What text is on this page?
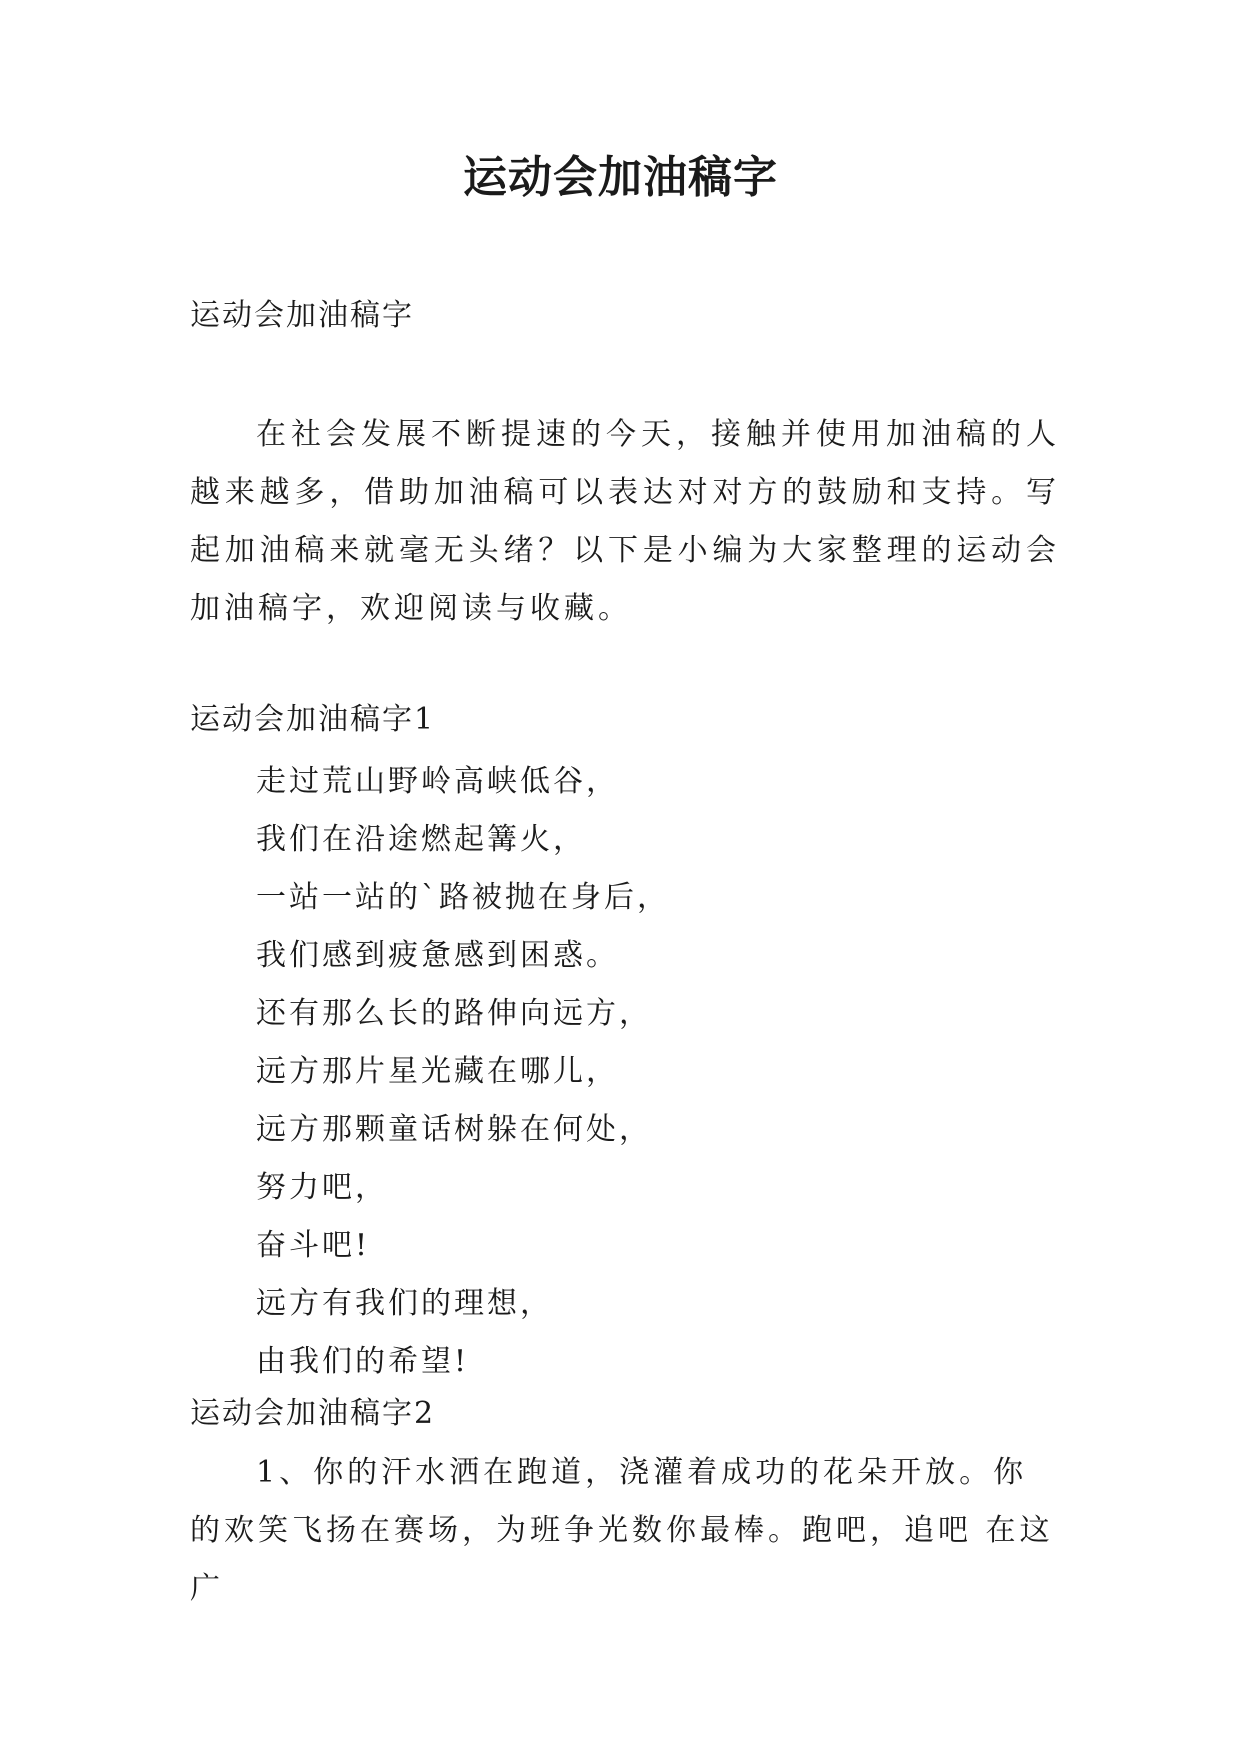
运动会加油稿字

运动会加油稿字

在社会发展不断提速的今天，接触并使用加油稿的人越来越多，借助加油稿可以表达对对方的鼓励和支持。写起加油稿来就毫无头绪？以下是小编为大家整理的运动会加油稿字，欢迎阅读与收藏。

运动会加油稿字1

走过荒山野岭高峡低谷，
我们在沿途燃起篝火，
一站一站的`路被抛在身后，
我们感到疲惫感到困惑。
还有那么长的路伸向远方，
远方那片星光藏在哪儿，
远方那颗童话树躲在何处，
努力吧，
奋斗吧!
远方有我们的理想，
由我们的希望!

运动会加油稿字2

1、你的汗水洒在跑道，浇灌着成功的花朵开放。你的欢笑飞扬在赛场，为班争光数你最棒。跑吧，追吧 在这广
